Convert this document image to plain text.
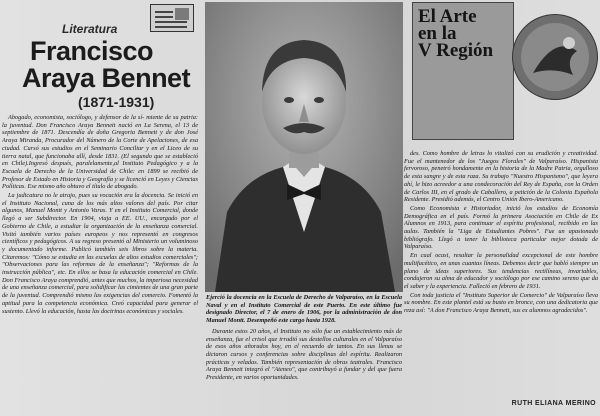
Literatura
Francisco
Araya Bennet
(1871-1931)

Abogado, economista, sociólogo, y defensor de la sí- miente de su patria: la juventud. Don Francisco Araya Bennett nació en La Serena, el 13 de septiembre de 1871. Descendía de doña Gregoria Bennett y de don José Araya Miranda, Procurador del Número de la Corte de Apelaciones, de esa ciudad. Cursó sus estudios en el Seminario Conciliar y en el Liceo de su tierra natal, que funcionaba allí, desde 1831. (El segundo que se estableció en Chile).Ingresó después, paralelamente,al Instituto Pedagógico y a la Escuela de Derecho de la Universidad de Chile: en 1899 se recibió de Profesor de Estado en Historia y Geografía y se licenció en Leyes y Ciencias Políticas. Ese mismo año obtuvo el título de abogado.

La judicatura no le atrajo, pues su vocación era la docencia. Se inició en el Instituto Nacional, cuna de los más altos valores del país. Por citar algunos, Manuel Montt y Antonio Varas. Y en el Instituto Comercial, donde llegó a ser Subdirector. En 1904, viaja a EE. UU., encargado por el Gobierno de Chile, a estudiar la organización de la enseñanza comercial. Visitó también varios países europeos y nos representó en congresos científicos y pedagógicos. A su regreso presentó al Ministerio un voluminoso y documentado informe. Publicó también seis libros sobre la materia. Citaremos: "Cómo se estudia en las escuelas de altos estudios comerciales"; "Observaciones para las reformas de la enseñanza"; "Reformas de la instrucción pública", etc. En ellos se basa la educación comercial en Chile. Don Francisco Araya comprendió, antes que muchos, la imperiosa necesidad de una enseñanza comercial, para solidificar las cimientes de una gran parte de la juventud. Comprendió mismo las exigencias del comercio. Fomentó la aptitud para la competencia económica. Creó capacidad para generar el sustento. Llevó la educación, hasta las doctrinas económicas y sociales.

Ejerció la docencia en la Escuela de Derecho de Valparaíso, en la Escuela Naval y en el Instituto Comercial de este Puerto. En este último fue designado Director, el 7 de enero de 1906, por la administración de don Manuel Montt. Desempeñó este cargo hasta 1928.

Durante estos 20 años, el Instituto no sólo fue un establecimiento más de enseñanza, fue el crisol que irradió sus destellos culturales en el Valparaíso de esos años añorados hoy, en el recuerdo de tantos. En sus llenas se dictaron cursos y conferencias sobre disciplinas del espíritu. Realizaron prácticas y veladas. También representación de obras teatrales. Francisco Araya Bennett integró el "Ateneo", que contribuyó a fundar y del que fuera Presidente, en varios oportunidades.

El Arte
en la
V Región

des. Como hombre de letras lo vitalizó con su erudición y creatividad. Fue el mantenedor de los "Juegos Florales" de Valparaíso. Hispanista fervoroso, penetró hondamente en la historia de la Madre Patria, orgulloso de esta sangre y de esta raza. Su trabajo "Nuestro Hispanismo", que leyera ahí, le hizo acreedor a una condecoración del Rey de España, con la Orden de Carlos III, en el grado de Caballero, a petición de la Colonia Española Residente. Presidió además, el Centro Unión Ibero-Americano.

Como Economista e Historiador, inició los estudios de Economía Demográfica en el país. Formó la primera Asociación en Chile de Ex Alumnos en 1913, para continuar el espíritu profesional, recibido en las aulas. También la "Liga de Estudiantes Pobres". Fue un apasionado bibliógrafo. Llegó a tener la biblioteca particular mejor dotada de Valparaíso.

En cual ocasi, resaltar la personalidad excepcional de este hombre multifacético, en unas cuantas líneas. Debemos decir que habló siempre un plano de ideas superiores. Sus tendencias rectilíneas, invariables, condujeron su alma de educador y sociólogo por ese camino sereno que da el saber y la experiencia. Falleció en febrero de 1931.

Con toda justicia el "Instituto Superior de Comercio" de Valparaíso lleva su nombre. En este plantel está su busto en bronce, con una dedicatoria que reza así: "A don Francisco Araya Bennett, sus ex alumnos agradecidos".

RUTH ELIANA MERINO
